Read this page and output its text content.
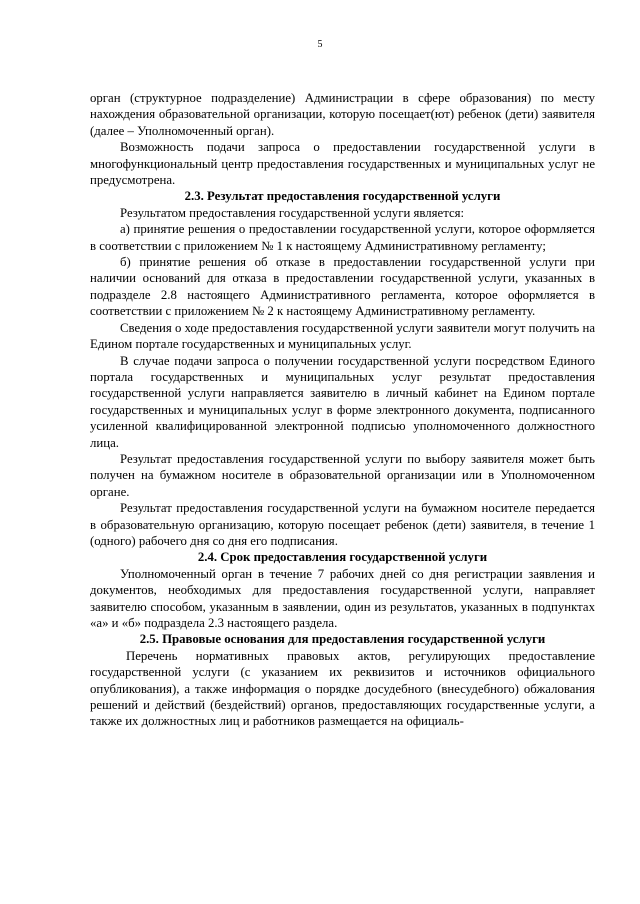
5

орган (структурное подразделение) Администрации в сфере образования) по месту нахождения образовательной организации, которую посещает(ют) ребенок (дети) заявителя (далее – Уполномоченный орган).

Возможность подачи запроса о предоставлении государственной услуги в многофункциональный центр предоставления государственных и муниципальных услуг не предусмотрена.

2.3. Результат предоставления государственной услуги

Результатом предоставления государственной услуги является:

а) принятие решения о предоставлении государственной услуги, которое оформляется в соответствии с приложением № 1 к настоящему Административному регламенту;

б) принятие решения об отказе в предоставлении государственной услуги при наличии оснований для отказа в предоставлении государственной услуги, указанных в подразделе 2.8 настоящего Административного регламента, которое оформляется в соответствии с приложением № 2 к настоящему Административному регламенту.

Сведения о ходе предоставления государственной услуги заявители могут получить на Едином портале государственных и муниципальных услуг.

В случае подачи запроса о получении государственной услуги посредством Единого портала государственных и муниципальных услуг результат предоставления государственной услуги направляется заявителю в личный кабинет на Едином портале государственных и муниципальных услуг в форме электронного документа, подписанного усиленной квалифицированной электронной подписью уполномоченного должностного лица.

Результат предоставления государственной услуги по выбору заявителя может быть получен на бумажном носителе в образовательной организации или в Уполномоченном органе.

Результат предоставления государственной услуги на бумажном носителе передается в образовательную организацию, которую посещает ребенок (дети) заявителя, в течение 1 (одного) рабочего дня со дня его подписания.

2.4. Срок предоставления государственной услуги

Уполномоченный орган в течение 7 рабочих дней со дня регистрации заявления и документов, необходимых для предоставления государственной услуги, направляет заявителю способом, указанным в заявлении, один из результатов, указанных в подпунктах «а» и «б» подраздела 2.3 настоящего раздела.

2.5. Правовые основания для предоставления государственной услуги

Перечень нормативных правовых актов, регулирующих предоставление государственной услуги (с указанием их реквизитов и источников официального опубликования), а также информация о порядке досудебного (внесудебного) обжалования решений и действий (бездействий) органов, предоставляющих государственные услуги, а также их должностных лиц и работников размещается на официаль-
